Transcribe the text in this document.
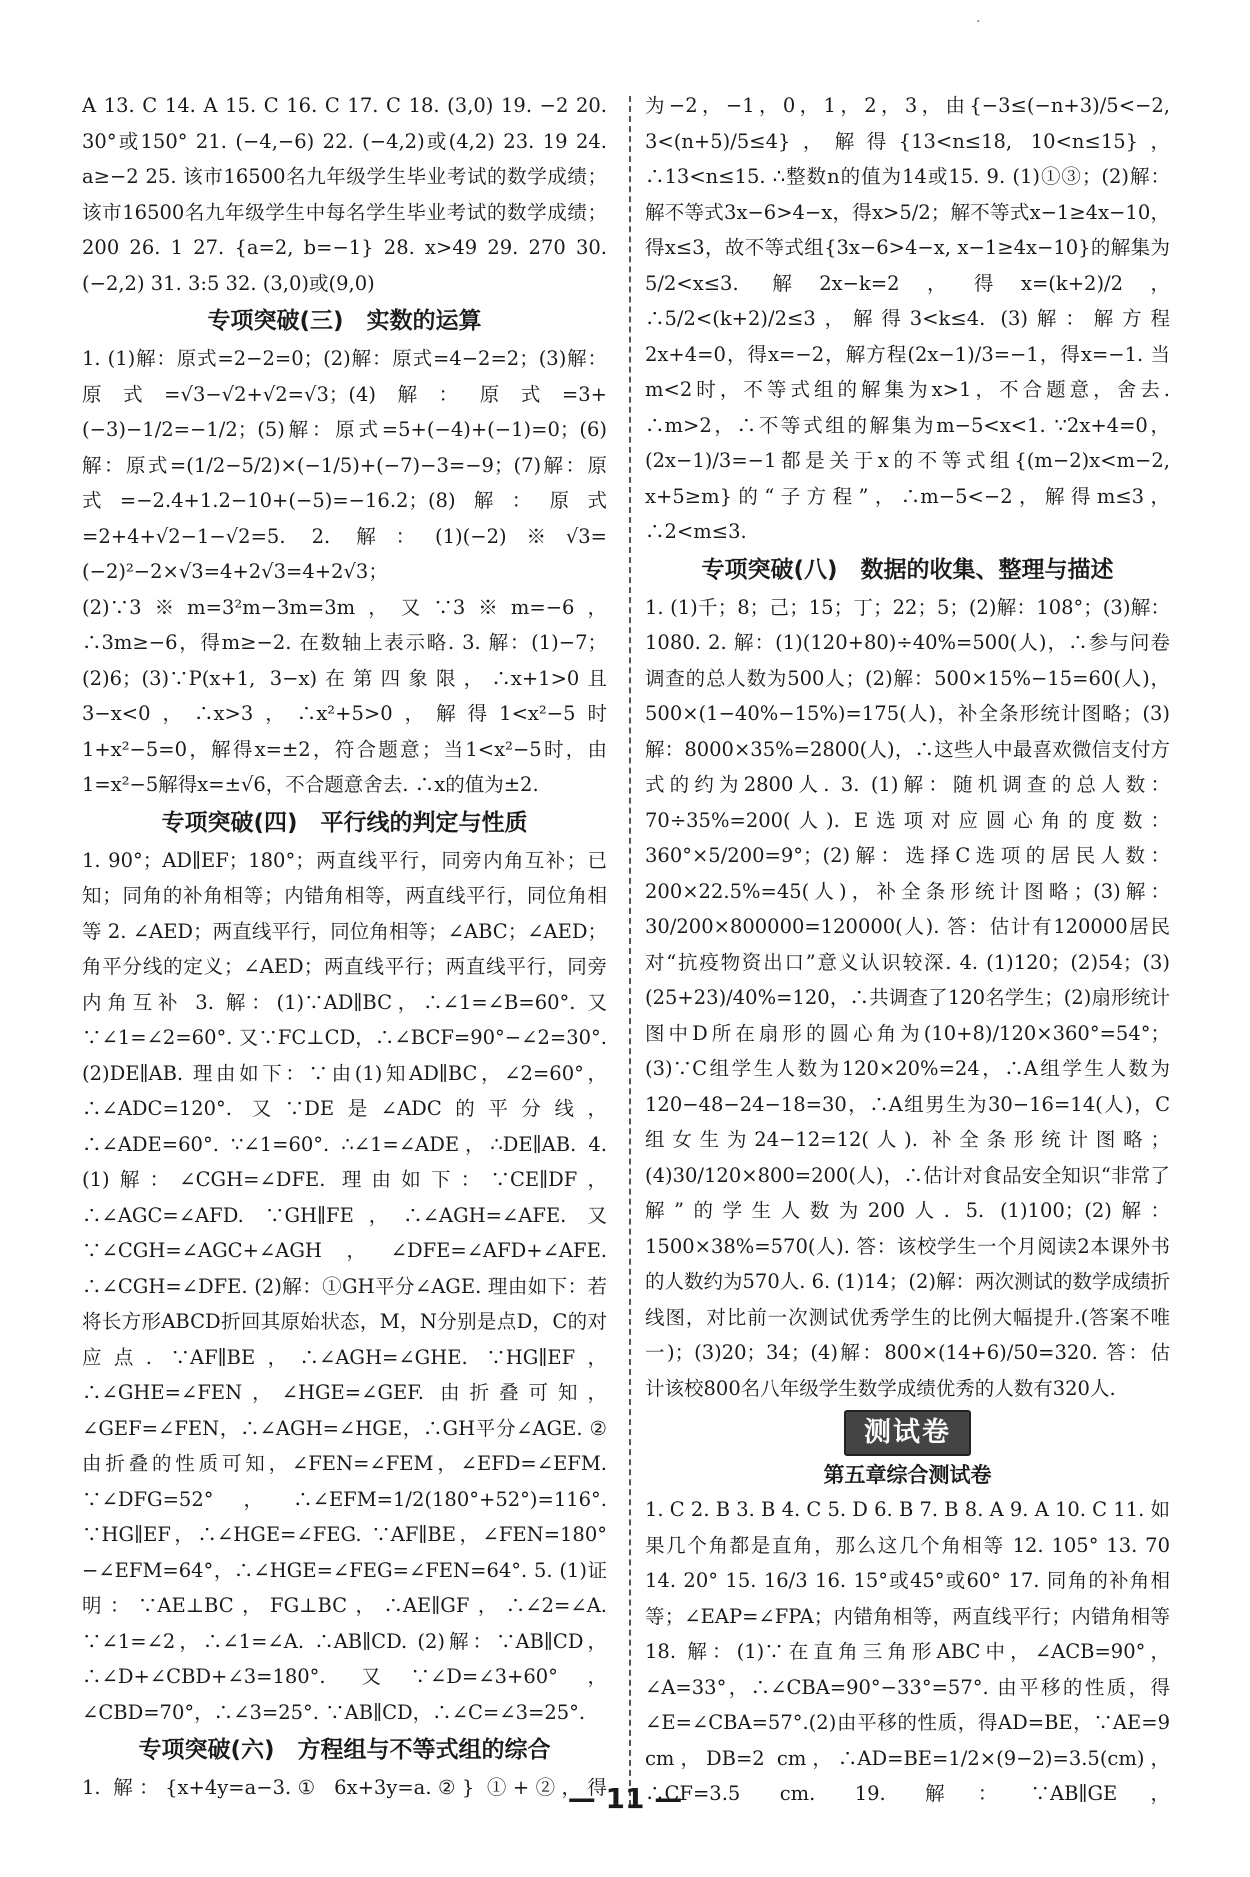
·

A 13. C 14. A 15. C 16. C 17. C 18. (3,0) 19. −2 20. 30°或150° 21. (−4,−6) 22. (−4,2)或(4,2) 23. 19 24. a≥−2 25. 该市16500名九年级学生毕业考试的数学成绩；该市16500名九年级学生中每名学生毕业考试的数学成绩；200 26. 1 27. {a=2, b=−1} 28. x>49 29. 270 30. (−2,2) 31. 3:5 32. (3,0)或(9,0)

专项突破(三)　实数的运算

1. (1)解：原式=2−2=0；(2)解：原式=4−2=2；(3)解：原式=√3−√2+√2=√3；(4)解：原式=3+(−3)−1/2=−1/2；(5)解：原式=5+(−4)+(−1)=0；(6)解：原式=(1/2−5/2)×(−1/5)+(−7)−3=−9；(7)解：原式=−2.4+1.2−10+(−5)=−16.2；(8)解：原式=2+4+√2−1−√2=5. 2. 解：(1)(−2)※√3=(−2)²−2×√3=4+2√3=4+2√3；(2)∵3※m=3²m−3m=3m，又∵3※m=−6，∴3m≥−6，得m≥−2. 在数轴上表示略. 3. 解：(1)−7；(2)6；(3)∵P(x+1, 3−x)在第四象限，∴x+1>0且3−x<0，∴x>3，∴x²+5>0，解得1<x²−5时1+x²−5=0，解得x=±2，符合题意；当1<x²−5时，由1=x²−5解得x=±√6，不合题意舍去. ∴x的值为±2.

专项突破(四)　平行线的判定与性质

1. 90°；AD∥EF；180°；两直线平行，同旁内角互补；已知；同角的补角相等；内错角相等，两直线平行，同位角相等 2. ∠AED；两直线平行，同位角相等；∠ABC；∠AED；角平分线的定义；∠AED；两直线平行；两直线平行，同旁内角互补 3. 解：(1)∵AD∥BC，∴∠1=∠B=60°. 又∵∠1=∠2=60°. 又∵FC⊥CD，∴∠BCF=90°−∠2=30°. (2)DE∥AB. 理由如下：∵由(1)知AD∥BC，∠2=60°，∴∠ADC=120°. 又∵DE是∠ADC的平分线，∴∠ADE=60°. ∵∠1=60°. ∴∠1=∠ADE，∴DE∥AB. 4. (1)解：∠CGH=∠DFE. 理由如下：∵CE∥DF，∴∠AGC=∠AFD. ∵GH∥FE，∴∠AGH=∠AFE. 又∵∠CGH=∠AGC+∠AGH，∠DFE=∠AFD+∠AFE. ∴∠CGH=∠DFE. (2)解：①GH平分∠AGE. 理由如下：若将长方形ABCD折回其原始状态，M，N分别是点D，C的对应点. ∵AF∥BE，∴∠AGH=∠GHE. ∵HG∥EF，∴∠GHE=∠FEN，∠HGE=∠GEF. 由折叠可知，∠GEF=∠FEN，∴∠AGH=∠HGE，∴GH平分∠AGE. ②由折叠的性质可知，∠FEN=∠FEM，∠EFD=∠EFM. ∵∠DFG=52°，∴∠EFM=1/2(180°+52°)=116°. ∵HG∥EF，∴∠HGE=∠FEG. ∵AF∥BE，∠FEN=180°−∠EFM=64°，∴∠HGE=∠FEG=∠FEN=64°. 5. (1)证明：∵AE⊥BC，FG⊥BC，∴AE∥GF，∴∠2=∠A. ∵∠1=∠2，∴∠1=∠A. ∴AB∥CD. (2)解：∵AB∥CD，∴∠D+∠CBD+∠3=180°. 又∵∠D=∠3+60°，∠CBD=70°，∴∠3=25°. ∵AB∥CD，∴∠C=∠3=25°.

专项突破(六)　方程组与不等式组的综合

1. 解：{x+4y=a−3.① 6x+3y=a.②} ①+②，得

为−2，−1，0，1，2，3，由{−3≤(−n+3)/5<−2, 3<(n+5)/5≤4}，解得{13<n≤18, 10<n≤15}，∴13<n≤15. ∴整数n的值为14或15. 9. (1)①③；(2)解：解不等式3x−6>4−x，得x>5/2；解不等式x−1≥4x−10，得x≤3，故不等式组{3x−6>4−x, x−1≥4x−10}的解集为5/2<x≤3. 解2x−k=2，得x=(k+2)/2，∴5/2<(k+2)/2≤3，解得3<k≤4. (3)解：解方程2x+4=0，得x=−2，解方程(2x−1)/3=−1，得x=−1. 当m<2时，不等式组的解集为x>1，不合题意，舍去. ∴m>2，∴不等式组的解集为m−5<x<1. ∵2x+4=0，(2x−1)/3=−1都是关于x的不等式组{(m−2)x<m−2, x+5≥m}的“子方程”，∴m−5<−2，解得m≤3，∴2<m≤3.

专项突破(八)　数据的收集、整理与描述

1. (1)千；8；己；15；丁；22；5；(2)解：108°；(3)解：1080. 2. 解：(1)(120+80)÷40%=500(人)，∴参与问卷调查的总人数为500人；(2)解：500×15%−15=60(人)，500×(1−40%−15%)=175(人)，补全条形统计图略；(3)解：8000×35%=2800(人)，∴这些人中最喜欢微信支付方式的约为2800人. 3. (1)解：随机调查的总人数：70÷35%=200(人). E选项对应圆心角的度数：360°×5/200=9°；(2)解：选择C选项的居民人数：200×22.5%=45(人)，补全条形统计图略；(3)解：30/200×800000=120000(人). 答：估计有120000居民对“抗疫物资出口”意义认识较深. 4. (1)120；(2)54；(3)(25+23)/40%=120，∴共调查了120名学生；(2)扇形统计图中D所在扇形的圆心角为(10+8)/120×360°=54°；(3)∵C组学生人数为120×20%=24，∴A组学生人数为120−48−24−18=30，∴A组男生为30−16=14(人)，C组女生为24−12=12(人). 补全条形统计图略；(4)30/120×800=200(人)，∴估计对食品安全知识“非常了解”的学生人数为200人. 5. (1)100；(2)解：1500×38%=570(人). 答：该校学生一个月阅读2本课外书的人数约为570人. 6. (1)14；(2)解：两次测试的数学成绩折线图，对比前一次测试优秀学生的比例大幅提升.(答案不唯一)；(3)20；34；(4)解：800×(14+6)/50=320. 答：估计该校800名八年级学生数学成绩优秀的人数有320人.

测试卷

第五章综合测试卷

1. C 2. B 3. B 4. C 5. D 6. B 7. B 8. A 9. A 10. C 11. 如果几个角都是直角，那么这几个角相等 12. 105° 13. 70 14. 20° 15. 16/3 16. 15°或45°或60° 17. 同角的补角相等；∠EAP=∠FPA；内错角相等，两直线平行；内错角相等 18. 解：(1)∵在直角三角形ABC中，∠ACB=90°，∠A=33°，∴∠CBA=90°−33°=57°. 由平移的性质，得∠E=∠CBA=57°.(2)由平移的性质，得AD=BE，∵AE=9 cm，DB=2 cm，∴AD=BE=1/2×(9−2)=3.5(cm)，∴CF=3.5 cm. 19. 解：∵AB∥GE，

— 11 —
